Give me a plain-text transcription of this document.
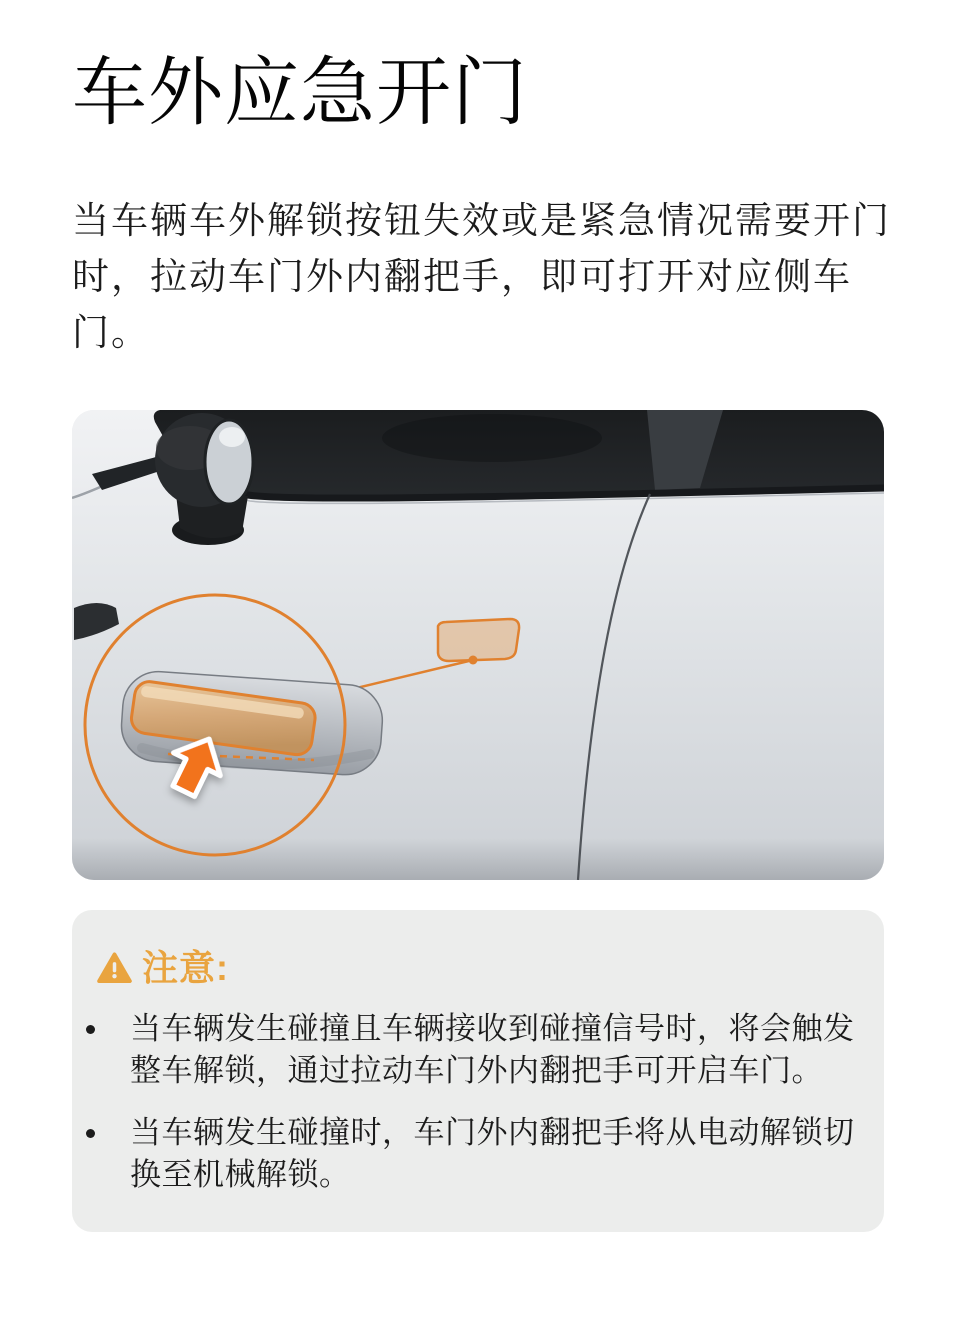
车外应急开门

当车辆车外解锁按钮失效或是紧急情况需要开门时，拉动车门外内翻把手，即可打开对应侧车门。

注意:
当车辆发生碰撞且车辆接收到碰撞信号时，将会触发整车解锁，通过拉动车门外内翻把手可开启车门。
当车辆发生碰撞时，车门外内翻把手将从电动解锁切换至机械解锁。
